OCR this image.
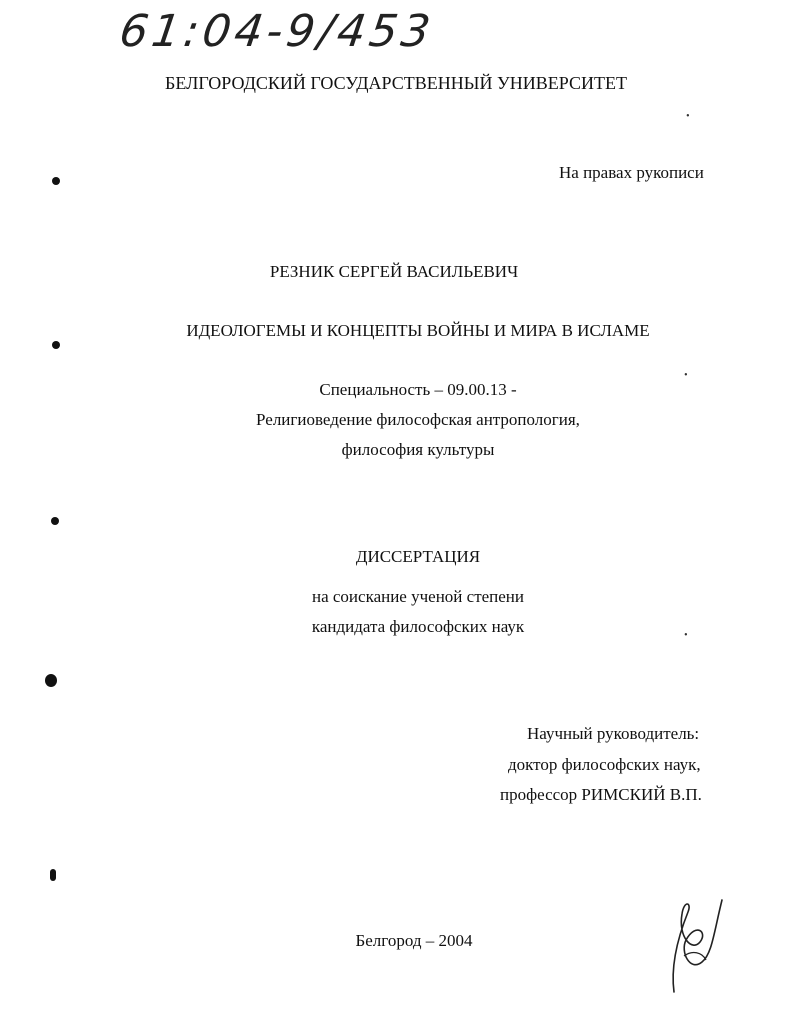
61:04-9/453
БЕЛГОРОДСКИЙ ГОСУДАРСТВЕННЫЙ УНИВЕРСИТЕТ
На правах рукописи
РЕЗНИК СЕРГЕЙ ВАСИЛЬЕВИЧ
ИДЕОЛОГЕМЫ И КОНЦЕПТЫ ВОЙНЫ И МИРА В ИСЛАМЕ
Специальность – 09.00.13 -
Религиоведение философская антропология,
философия культуры
ДИССЕРТАЦИЯ
на соискание ученой степени
кандидата философских наук
Научный руководитель:
доктор философских наук,
профессор РИМСКИЙ В.П.
Белгород – 2004
•
•
•
